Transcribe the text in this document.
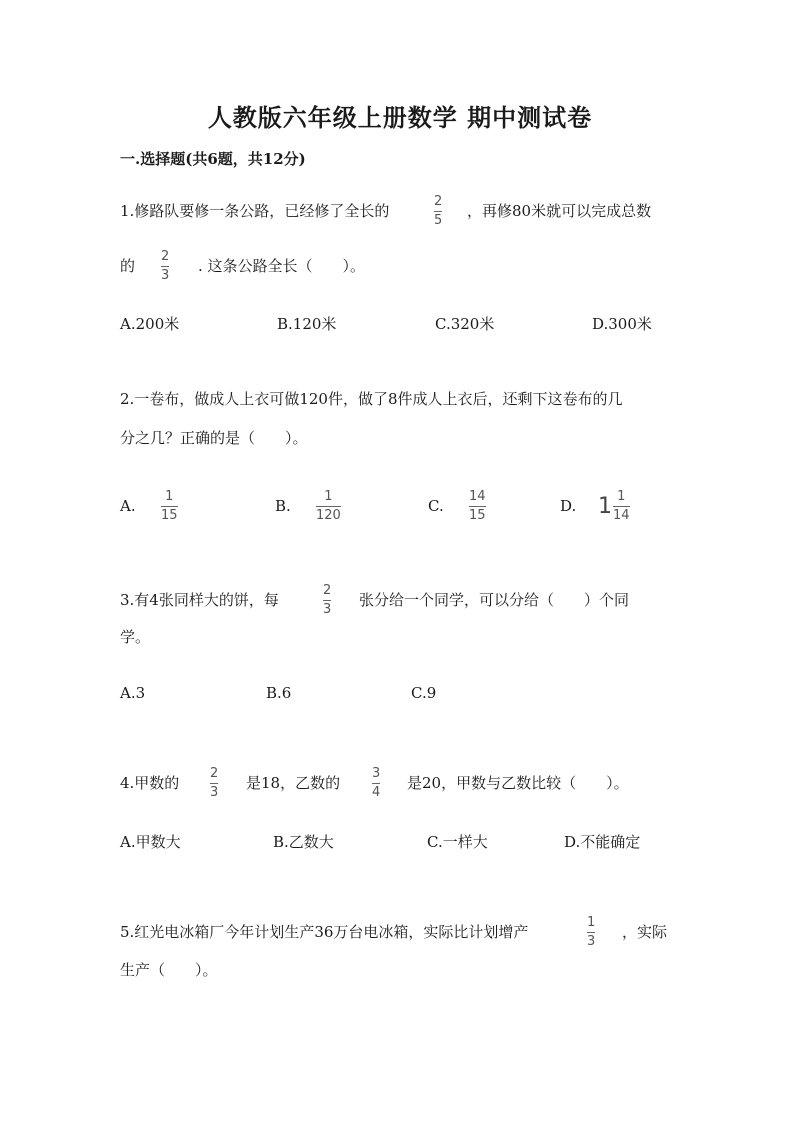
人教版六年级上册数学 期中测试卷
一.选择题(共6题，共12分)
1.修路队要修一条公路，已经修了全长的
2
5
，再修80米就可以完成总数
的
2
3
. 这条公路全长（　　）。
A.200米	B.120米	C.320米	D.300米
2.一卷布，做成人上衣可做120件，做了8件成人上衣后，还剩下这卷布的几
分之几？正确的是（　　）。
A.
1
15
B.
1
120
C.
14
15
D. $1 \frac{1}{14}$
3.有4张同样大的饼，每
2
3
张分给一个同学，可以分给（　　）个同
学。
A.3	B.6	C.9
4.甲数的
2
3
是18，乙数的
3
4
是20，甲数与乙数比较（　　）。
A.甲数大	B.乙数大	C.一样大	D.不能确定
5.红光电冰箱厂今年计划生产36万台电冰箱，实际比计划增产
1
3
，实际
生产（　　）。
